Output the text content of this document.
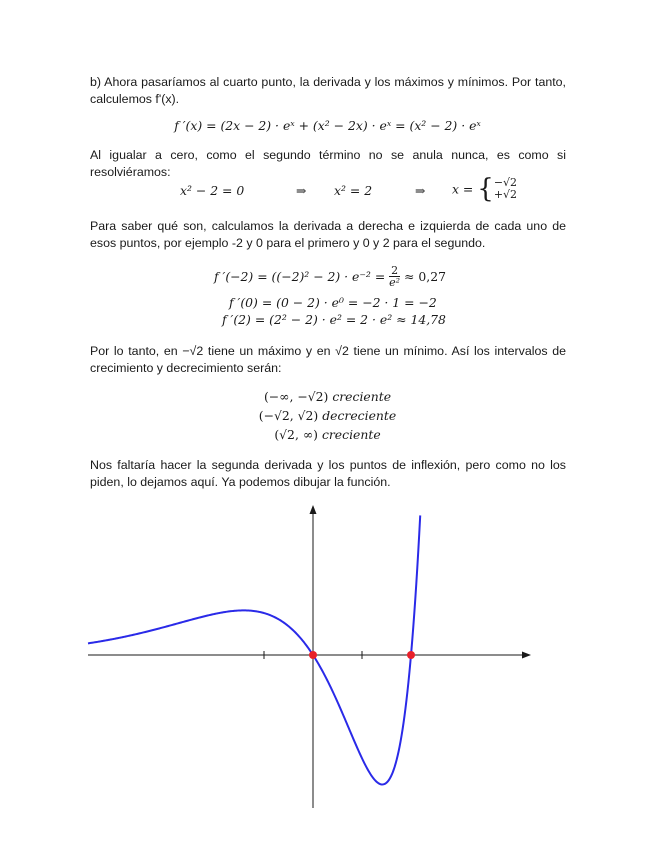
b) Ahora pasaríamos al cuarto punto, la derivada y los máximos y mínimos. Por tanto, calculemos f'(x).

f ′(x) = (2x − 2) · eˣ + (x² − 2x) · eˣ = (x² − 2) · eˣ

Al igualar a cero, como el segundo término no se anula nunca, es como si resolviéramos:

x² − 2 = 0	⇒ x² = 2	⇒ x = { −√2
+√2

Para saber qué son, calculamos la derivada a derecha e izquierda de cada uno de esos puntos, por ejemplo -2 y 0 para el primero y 0 y 2 para el segundo.

f $'(-2) = ((-2)^2 - 2) \cdot e^{-2} = \frac{2}{\text{e²}} \approx 0,27$
f ′(0) = (0 − 2) · e⁰ = −2 · 1 = −2
f ′(2) = (2² − 2) · e² = 2 · e² ≈ 14,78

Por lo tanto, en −√2 tiene un máximo y en √2 tiene un mínimo. Así los intervalos de crecimiento y decrecimiento serán:

(−∞, −√2) creciente
(−√2, √2) decreciente
(√2, ∞) creciente

Nos faltaría hacer la segunda derivada y los puntos de inflexión, pero como no los piden, lo dejamos aquí. Ya podemos dibujar la función.
